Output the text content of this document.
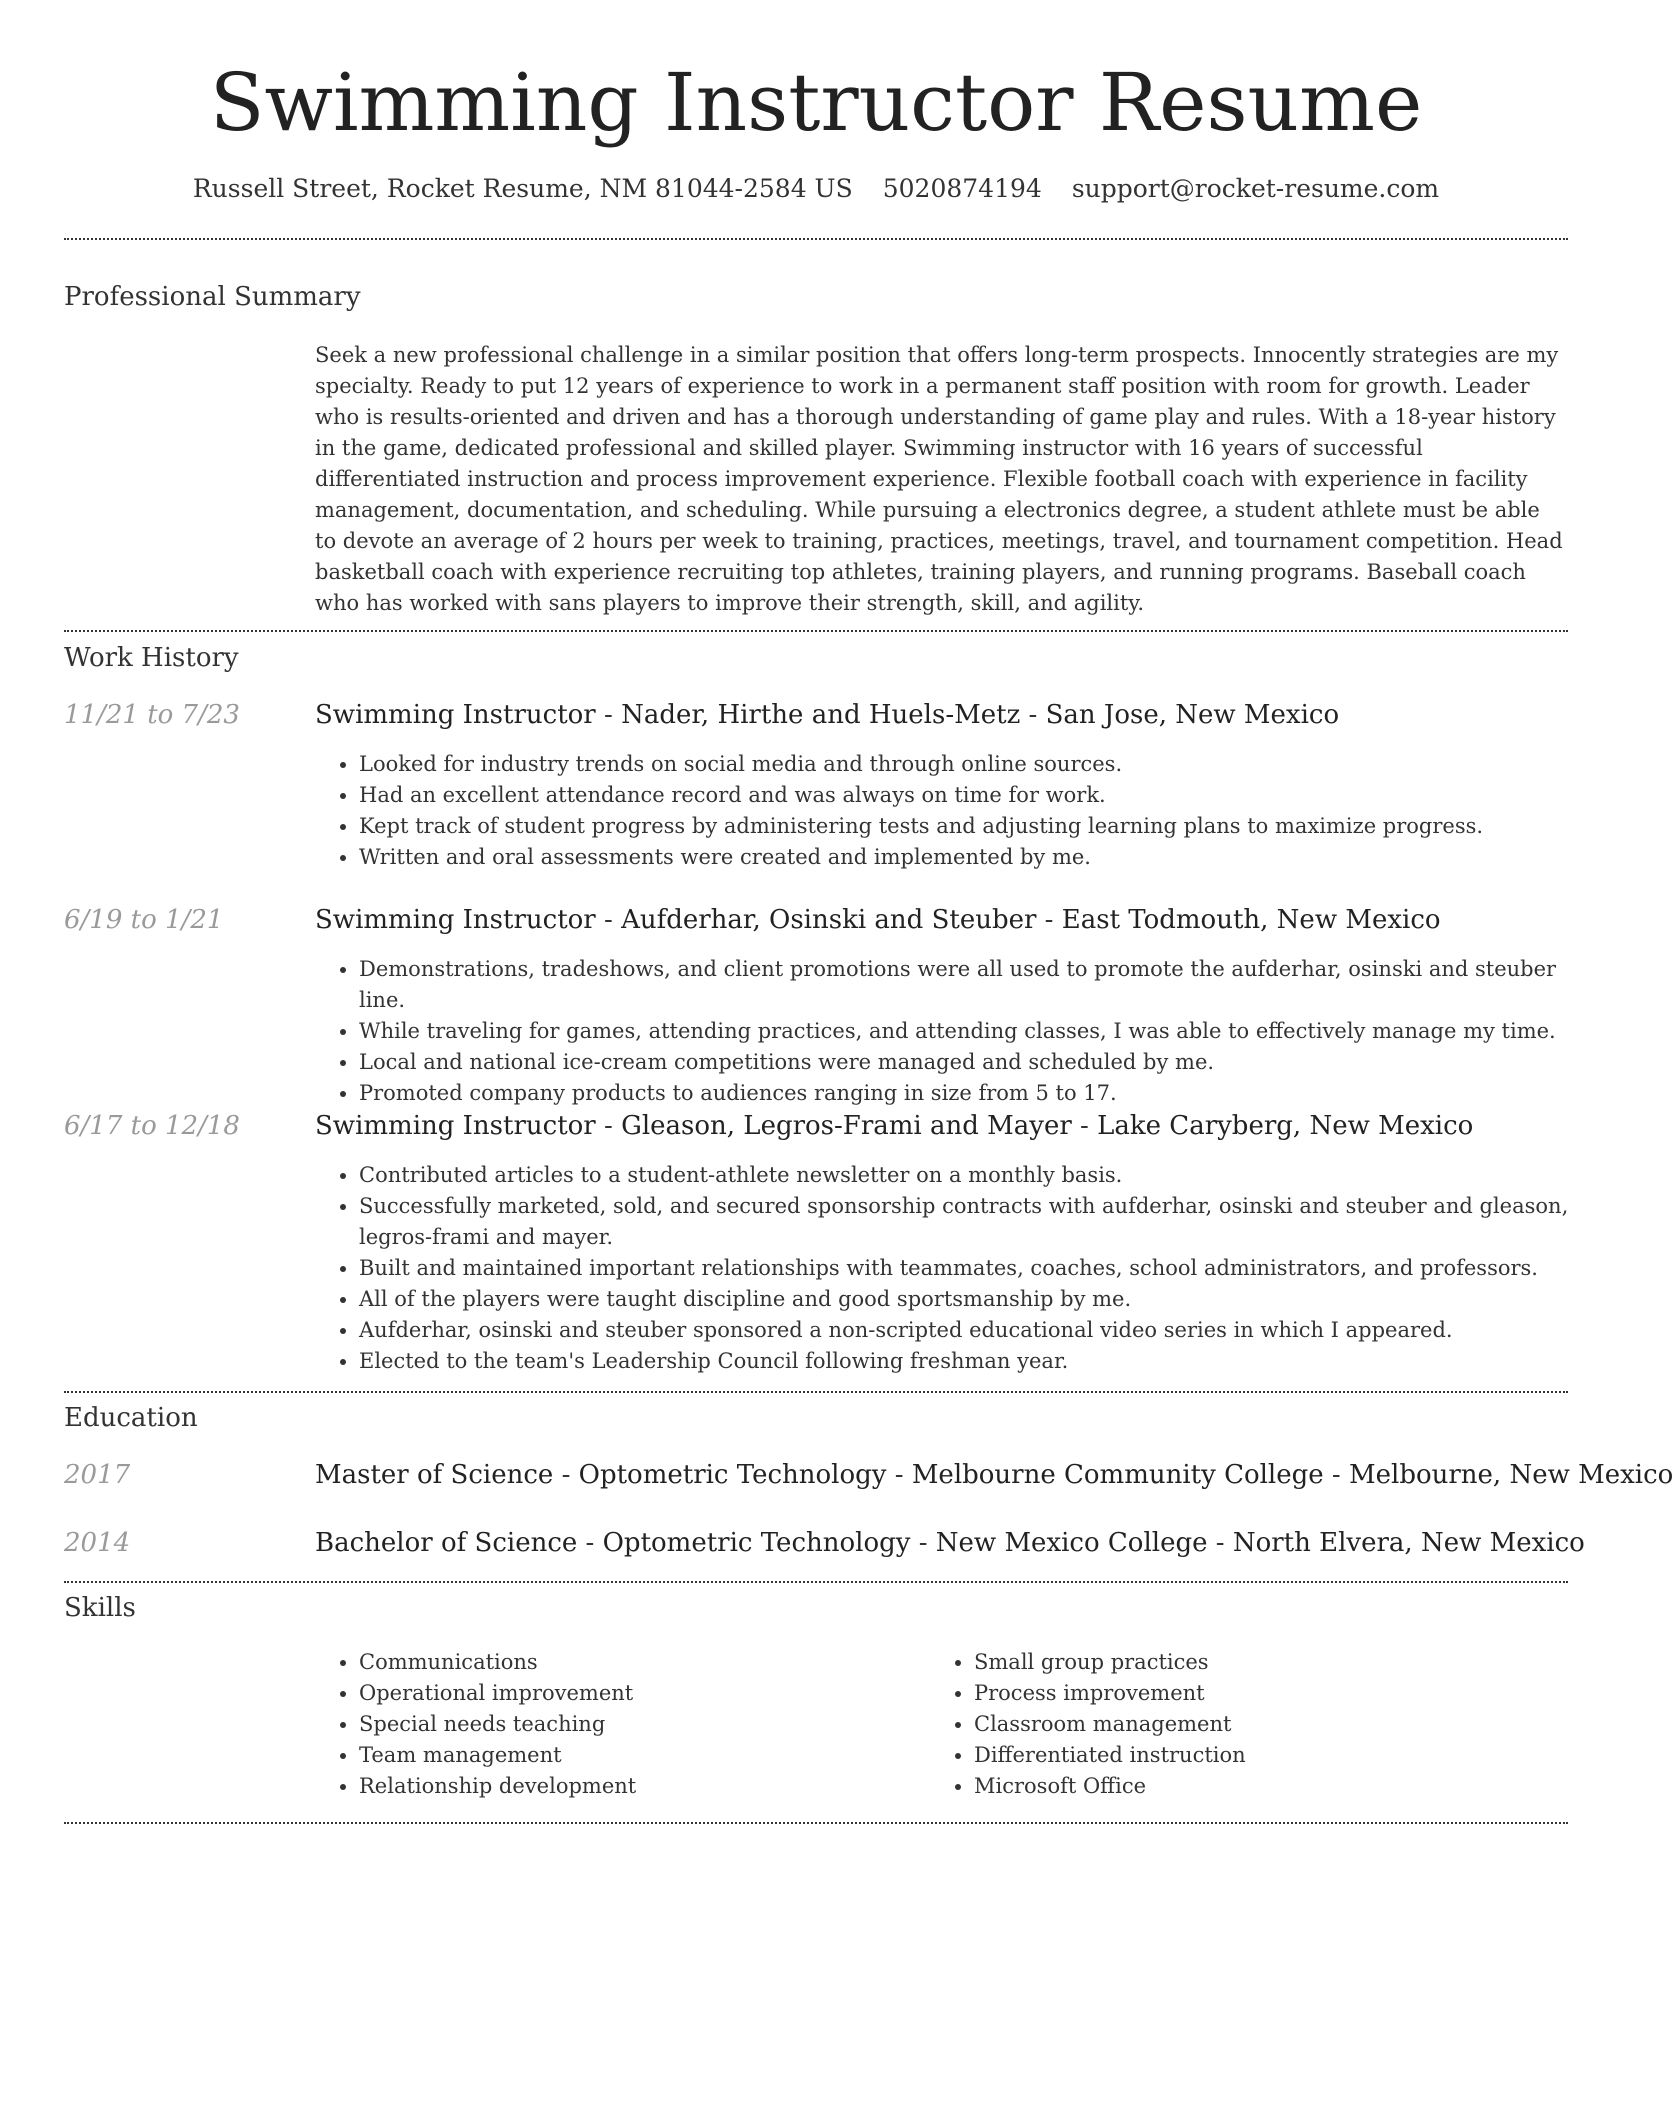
Swimming Instructor Resume
Russell Street, Rocket Resume, NM 81044-2584 US 5020874194 support@rocket-resume.com
Professional Summary

Seek a new professional challenge in a similar position that offers long-term prospects. Innocently strategies are my specialty. Ready to put 12 years of experience to work in a permanent staff position with room for growth. Leader who is results-oriented and driven and has a thorough understanding of game play and rules. With a 18-year history in the game, dedicated professional and skilled player. Swimming instructor with 16 years of successful differentiated instruction and process improvement experience. Flexible football coach with experience in facility management, documentation, and scheduling. While pursuing a electronics degree, a student athlete must be able to devote an average of 2 hours per week to training, practices, meetings, travel, and tournament competition. Head basketball coach with experience recruiting top athletes, training players, and running programs. Baseball coach who has worked with sans players to improve their strength, skill, and agility.

Work History
11/21 to 7/23	Swimming Instructor - Nader, Hirthe and Huels-Metz - San Jose, New Mexico
• Looked for industry trends on social media and through online sources.
• Had an excellent attendance record and was always on time for work.
• Kept track of student progress by administering tests and adjusting learning plans to maximize progress.
• Written and oral assessments were created and implemented by me.
6/19 to 1/21	Swimming Instructor - Aufderhar, Osinski and Steuber - East Todmouth, New Mexico
• Demonstrations, tradeshows, and client promotions were all used to promote the aufderhar, osinski and steuber line.
• While traveling for games, attending practices, and attending classes, I was able to effectively manage my time.
• Local and national ice-cream competitions were managed and scheduled by me.
• Promoted company products to audiences ranging in size from 5 to 17.
6/17 to 12/18	Swimming Instructor - Gleason, Legros-Frami and Mayer - Lake Caryberg, New Mexico
• Contributed articles to a student-athlete newsletter on a monthly basis.
• Successfully marketed, sold, and secured sponsorship contracts with aufderhar, osinski and steuber and gleason, legros-frami and mayer.
• Built and maintained important relationships with teammates, coaches, school administrators, and professors.
• All of the players were taught discipline and good sportsmanship by me.
• Aufderhar, osinski and steuber sponsored a non-scripted educational video series in which I appeared.
• Elected to the team's Leadership Council following freshman year.
Education
2017	Master of Science - Optometric Technology - Melbourne Community College - Melbourne, New Mexico
2014	Bachelor of Science - Optometric Technology - New Mexico College - North Elvera, New Mexico
Skills
• Communications
• Operational improvement
• Special needs teaching
• Team management
• Relationship development
• Small group practices
• Process improvement
• Classroom management
• Differentiated instruction
• Microsoft Office
